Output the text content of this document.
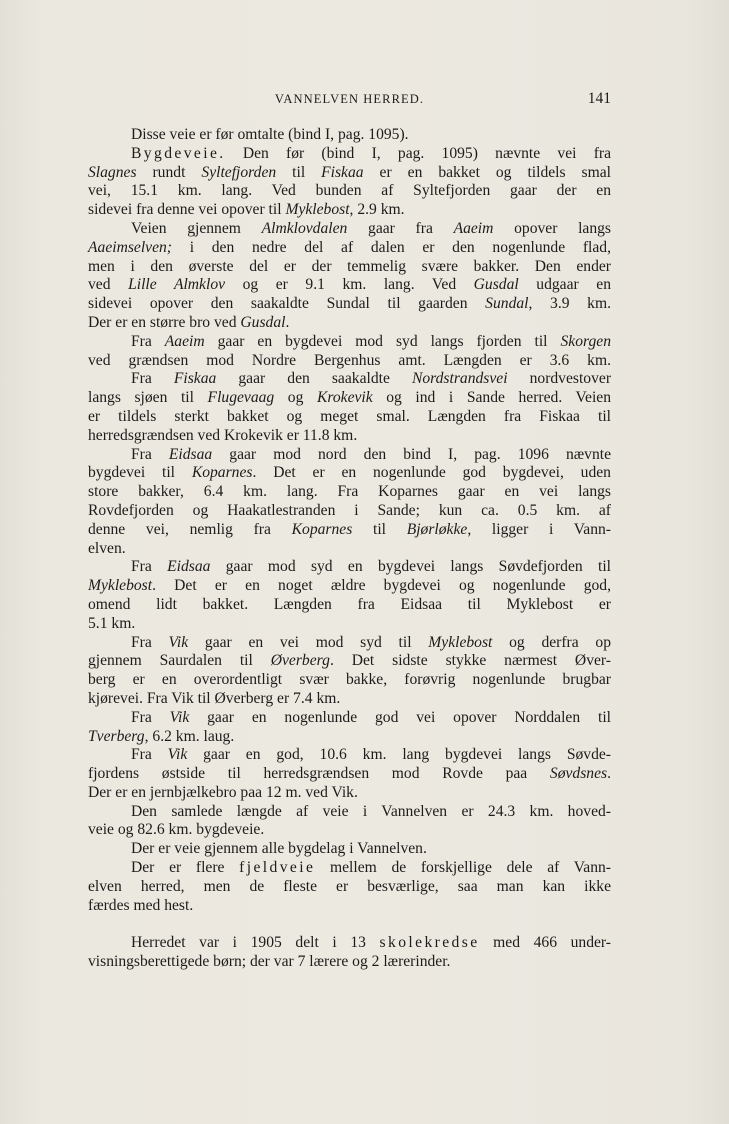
VANNELVEN HERRED.	141
Disse veie er før omtalte (bind I, pag. 1095).
Bygdeveie. Den før (bind I, pag. 1095) nævnte vei fra
Slagnes rundt Syltefjorden til Fiskaa er en bakket og tildels smal
vei, 15.1 km. lang. Ved bunden af Syltefjorden gaar der en
sidevei fra denne vei opover til Myklebost, 2.9 km.
Veien gjennem Almklovdalen gaar fra Aaeim opover langs
Aaeimselven; i den nedre del af dalen er den nogenlunde flad,
men i den øverste del er der temmelig svære bakker. Den ender
ved Lille Almklov og er 9.1 km. lang. Ved Gusdal udgaar en
sidevei opover den saakaldte Sundal til gaarden Sundal, 3.9 km.
Der er en større bro ved Gusdal.
Fra Aaeim gaar en bygdevei mod syd langs fjorden til Skorgen
ved grændsen mod Nordre Bergenhus amt. Længden er 3.6 km.
Fra Fiskaa gaar den saakaldte Nordstrandsvei nordvestover
langs sjøen til Flugevaag og Krokevik og ind i Sande herred. Veien
er tildels sterkt bakket og meget smal. Længden fra Fiskaa til
herredsgrændsen ved Krokevik er 11.8 km.
Fra Eidsaa gaar mod nord den bind I, pag. 1096 nævnte
bygdevei til Koparnes. Det er en nogenlunde god bygdevei, uden
store bakker, 6.4 km. lang. Fra Koparnes gaar en vei langs
Rovdefjorden og Haakatlestranden i Sande; kun ca. 0.5 km. af
denne vei, nemlig fra Koparnes til Bjørløkke, ligger i Vann-
elven.
Fra Eidsaa gaar mod syd en bygdevei langs Søvdefjorden til
Myklebost. Det er en noget ældre bygdevei og nogenlunde god,
omend lidt bakket. Længden fra Eidsaa til Myklebost er
5.1 km.
Fra Vik gaar en vei mod syd til Myklebost og derfra op
gjennem Saurdalen til Øverberg. Det sidste stykke nærmest Øver-
berg er en overordentligt svær bakke, forøvrig nogenlunde brugbar
kjørevei. Fra Vik til Øverberg er 7.4 km.
Fra Vik gaar en nogenlunde god vei opover Norddalen til
Tverberg, 6.2 km. laug.
Fra Vik gaar en god, 10.6 km. lang bygdevei langs Søvde-
fjordens østside til herredsgrændsen mod Rovde paa Søvdsnes.
Der er en jernbjælkebro paa 12 m. ved Vik.
Den samlede længde af veie i Vannelven er 24.3 km. hoved-
veie og 82.6 km. bygdeveie.
Der er veie gjennem alle bygdelag i Vannelven.
Der er flere fjeldveie mellem de forskjellige dele af Vann-
elven herred, men de fleste er besværlige, saa man kan ikke
færdes med hest.
Herredet var i 1905 delt i 13 skolekredse med 466 under-
visningsberettigede børn; der var 7 lærere og 2 lærerinder.
